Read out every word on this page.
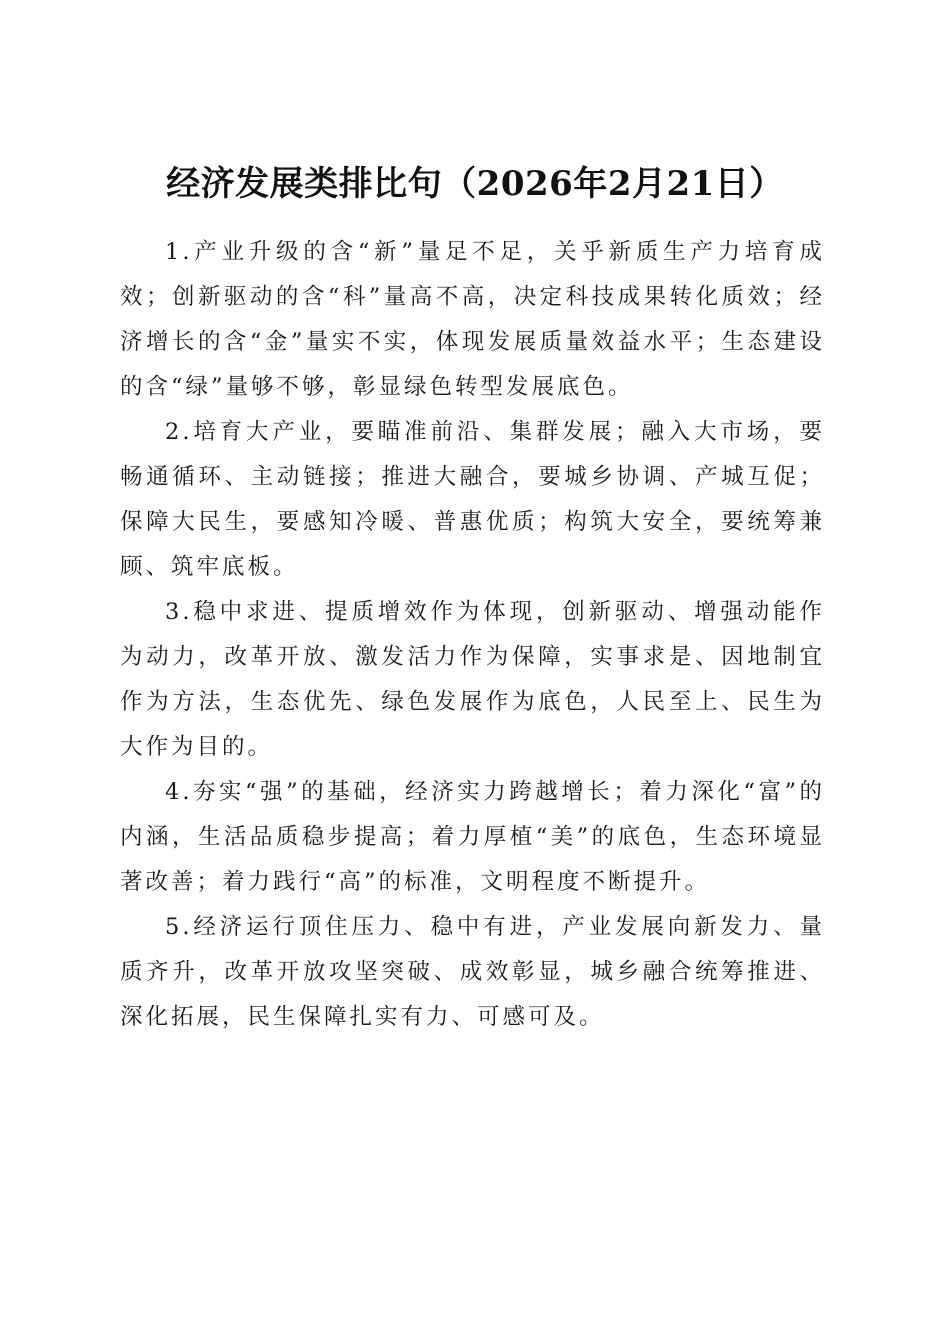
经济发展类排比句（2026年2月21日）

1.产业升级的含“新”量足不足，关乎新质生产力培育成效；创新驱动的含“科”量高不高，决定科技成果转化质效；经济增长的含“金”量实不实，体现发展质量效益水平；生态建设的含“绿”量够不够，彰显绿色转型发展底色。

2.培育大产业，要瞄准前沿、集群发展；融入大市场，要畅通循环、主动链接；推进大融合，要城乡协调、产城互促；保障大民生，要感知冷暖、普惠优质；构筑大安全，要统筹兼顾、筑牢底板。

3.稳中求进、提质增效作为体现，创新驱动、增强动能作为动力，改革开放、激发活力作为保障，实事求是、因地制宜作为方法，生态优先、绿色发展作为底色，人民至上、民生为大作为目的。

4.夯实“强”的基础，经济实力跨越增长；着力深化“富”的内涵，生活品质稳步提高；着力厚植“美”的底色，生态环境显著改善；着力践行“高”的标准，文明程度不断提升。

5.经济运行顶住压力、稳中有进，产业发展向新发力、量质齐升，改革开放攻坚突破、成效彰显，城乡融合统筹推进、深化拓展，民生保障扎实有力、可感可及。
